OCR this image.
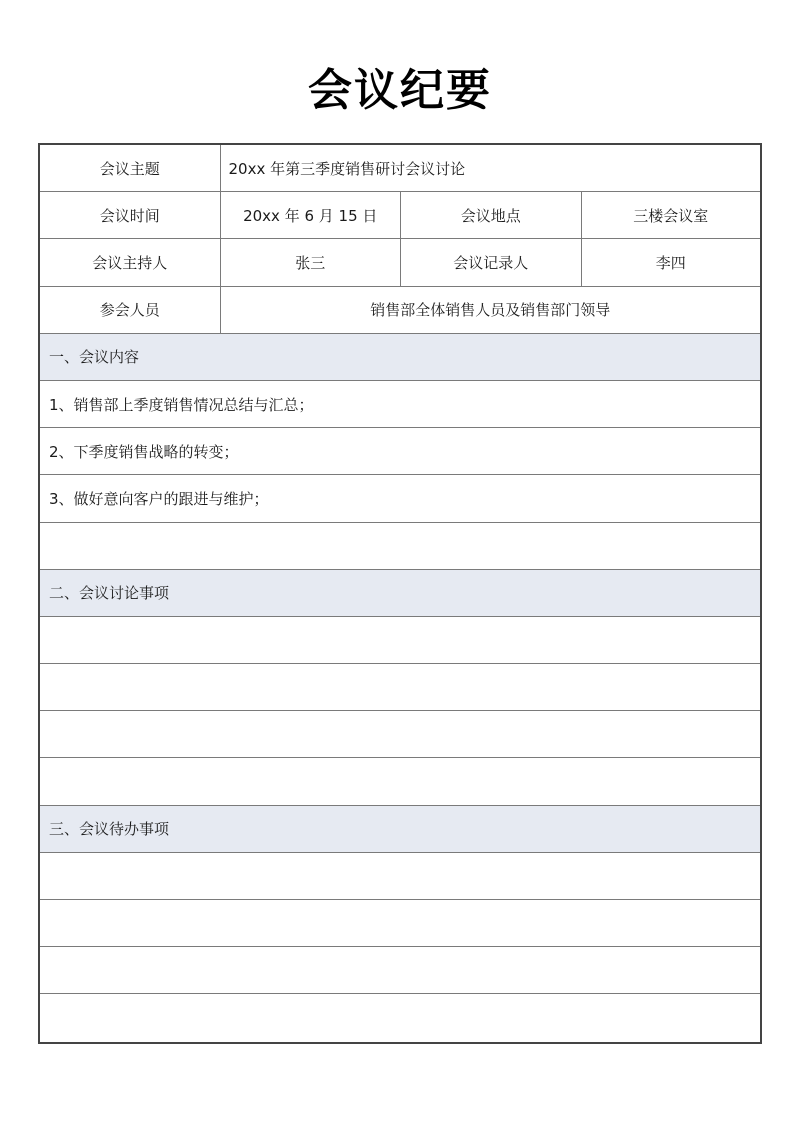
会议纪要
会议主题	20xx 年第三季度销售研讨会议讨论
会议时间	20xx 年 6 月 15 日	会议地点	三楼会议室
会议主持人	张三	会议记录人	李四
参会人员	销售部全体销售人员及销售部门领导
一、会议内容
1、销售部上季度销售情况总结与汇总；
2、下季度销售战略的转变；
3、做好意向客户的跟进与维护；
二、会议讨论事项
三、会议待办事项
